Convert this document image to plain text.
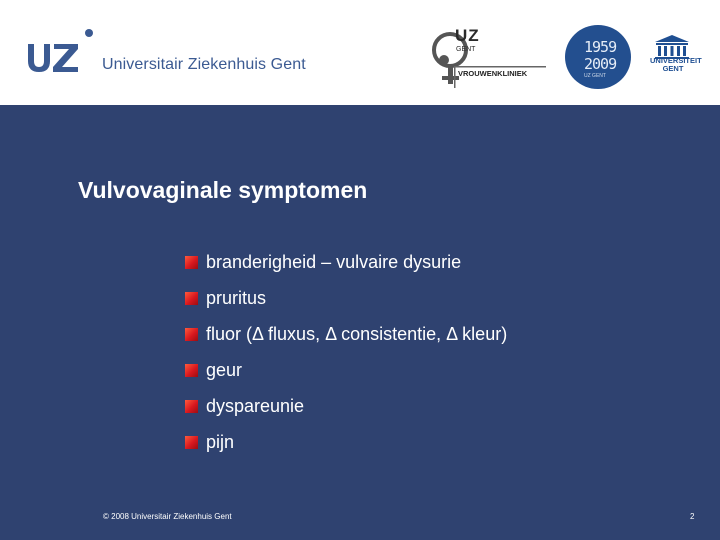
Universitair Ziekenhuis Gent
UZ
GENT
VROUWENKLINIEK
1959
2009
UZ GENT
UNIVERSITEIT GENT
Vulvovaginale symptomen
branderigheid – vulvaire dysurie
pruritus
fluor (Δ fluxus, Δ consistentie, Δ kleur)
geur
dyspareunie
pijn
© 2008 Universitair Ziekenhuis Gent	2
